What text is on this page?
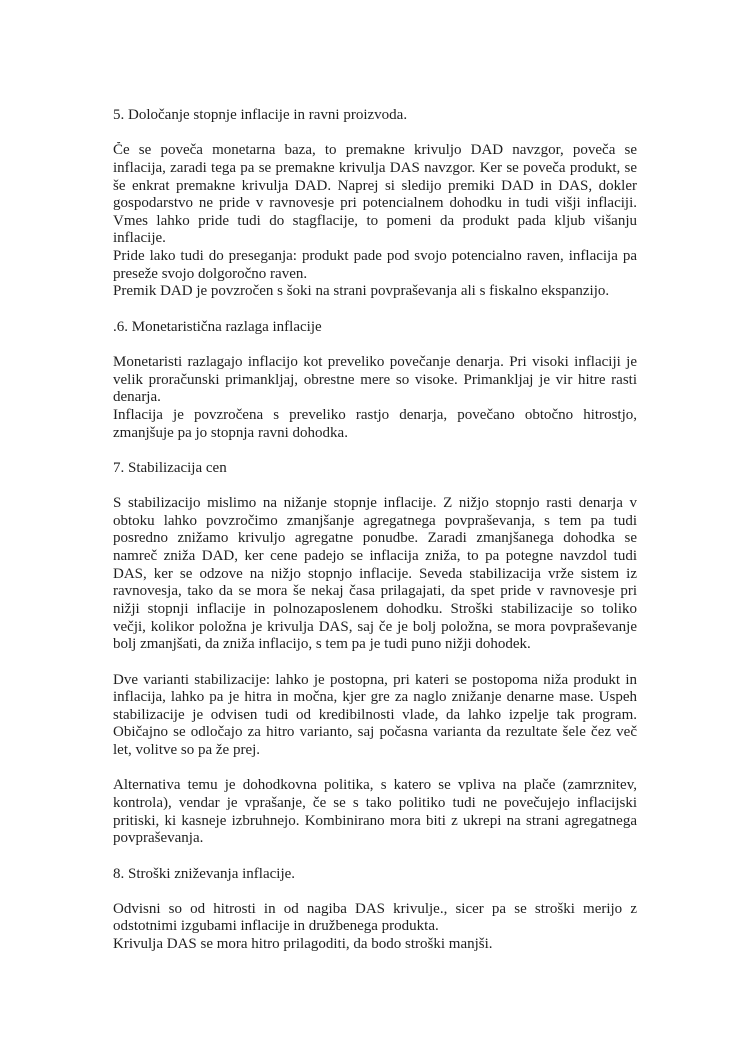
5. Določanje stopnje inflacije in ravni proizvoda.
Če se poveča monetarna baza, to premakne krivuljo DAD navzgor, poveča se
inflacija, zaradi tega pa se premakne krivulja DAS navzgor. Ker se poveča produkt, se
še enkrat premakne krivulja DAD. Naprej si sledijo premiki DAD in DAS, dokler
gospodarstvo ne pride v ravnovesje pri potencialnem dohodku in tudi višji inflaciji.
Vmes lahko pride tudi do stagflacije, to pomeni da produkt pada kljub višanju
inflacije.
Pride lako tudi do preseganja: produkt pade pod svojo potencialno raven, inflacija pa
preseže svojo dolgoročno raven.
Premik DAD je povzročen s šoki na strani povpraševanja ali s fiskalno ekspanzijo.
.6. Monetaristična razlaga inflacije
Monetaristi razlagajo inflacijo kot preveliko povečanje denarja. Pri visoki inflaciji je
velik proračunski primankljaj, obrestne mere so visoke. Primankljaj je vir hitre rasti
denarja.
Inflacija je povzročena s preveliko rastjo denarja, povečano obtočno hitrostjo,
zmanjšuje pa jo stopnja ravni dohodka.
7. Stabilizacija cen
S stabilizacijo mislimo na nižanje stopnje inflacije. Z nižjo stopnjo rasti denarja v
obtoku lahko povzročimo zmanjšanje agregatnega povpraševanja, s tem pa tudi
posredno znižamo krivuljo agregatne ponudbe. Zaradi zmanjšanega dohodka se
namreč zniža DAD, ker cene padejo se inflacija zniža, to pa potegne navzdol tudi
DAS, ker se odzove na nižjo stopnjo inflacije. Seveda stabilizacija vrže sistem iz
ravnovesja, tako da se mora še nekaj časa prilagajati, da spet pride v ravnovesje pri
nižji stopnji inflacije in polnozaposlenem dohodku. Stroški stabilizacije so toliko
večji, kolikor položna je krivulja DAS, saj če je bolj položna, se mora povpraševanje
bolj zmanjšati, da zniža inflacijo, s tem pa je tudi puno nižji dohodek.
Dve varianti stabilizacije: lahko je postopna, pri kateri se postopoma niža produkt in
inflacija, lahko pa je hitra in močna, kjer gre za naglo znižanje denarne mase. Uspeh
stabilizacije je odvisen tudi od kredibilnosti vlade, da lahko izpelje tak program.
Običajno se odločajo za hitro varianto, saj počasna varianta da rezultate šele čez več
let, volitve so pa že prej.
Alternativa temu je dohodkovna politika, s katero se vpliva na plače (zamrznitev,
kontrola), vendar je vprašanje, če se s tako politiko tudi ne povečujejo inflacijski
pritiski, ki kasneje izbruhnejo. Kombinirano mora biti z ukrepi na strani agregatnega
povpraševanja.
8. Stroški zniževanja inflacije.
Odvisni so od hitrosti in od nagiba DAS krivulje., sicer pa se stroški merijo z
odstotnimi izgubami inflacije in družbenega produkta.
Krivulja DAS se mora hitro prilagoditi, da bodo stroški manjši.
